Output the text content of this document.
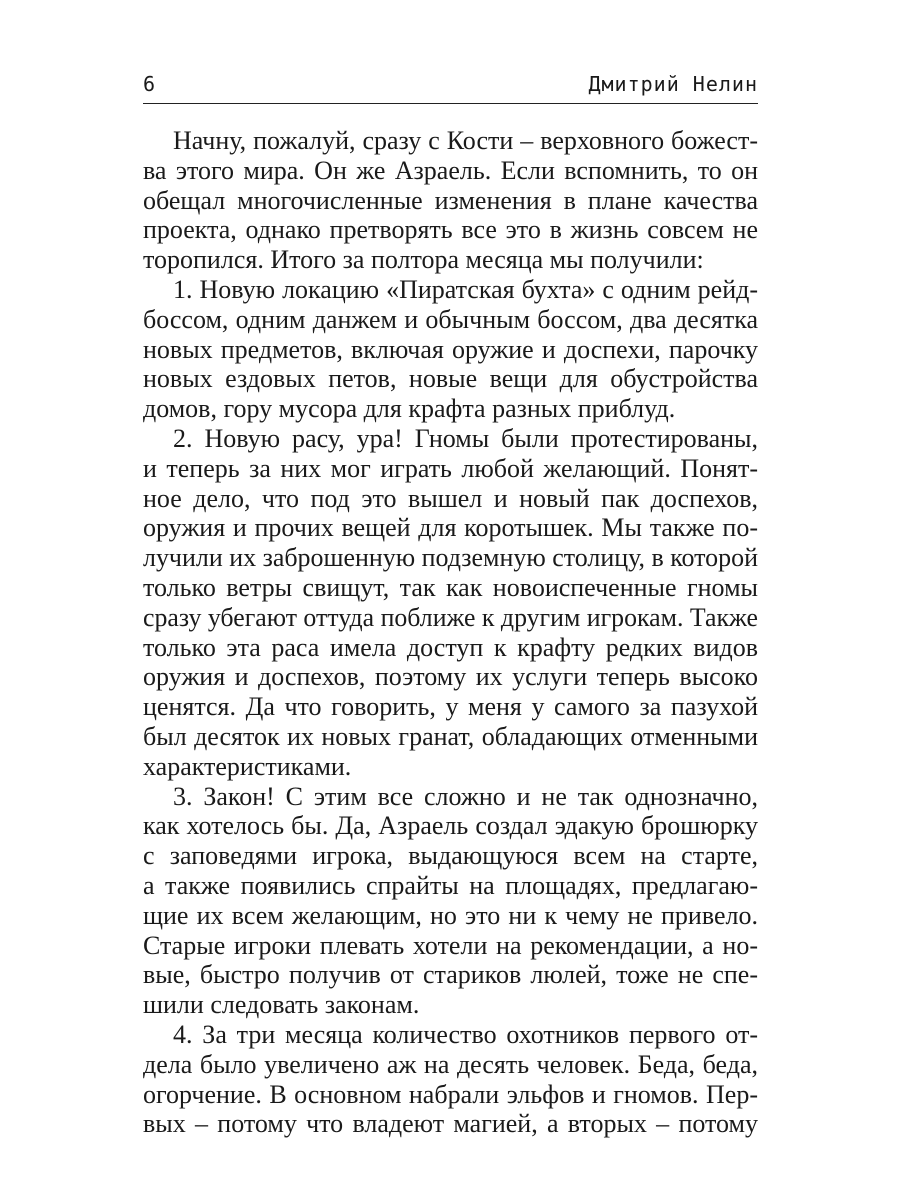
6	Дмитрий Нелин
Начну, пожалуй, сразу с Кости – верховного божест-
ва этого мира. Он же Азраель. Если вспомнить, то он
обещал многочисленные изменения в плане качества
проекта, однако претворять все это в жизнь совсем не
торопился. Итого за полтора месяца мы получили:
1. Новую локацию «Пиратская бухта» с одним рейд-
боссом, одним данжем и обычным боссом, два десятка
новых предметов, включая оружие и доспехи, парочку
новых ездовых петов, новые вещи для обустройства
домов, гору мусора для крафта разных приблуд.
2. Новую расу, ура! Гномы были протестированы,
и теперь за них мог играть любой желающий. Понят-
ное дело, что под это вышел и новый пак доспехов,
оружия и прочих вещей для коротышек. Мы также по-
лучили их заброшенную подземную столицу, в которой
только ветры свищут, так как новоиспеченные гномы
сразу убегают оттуда поближе к другим игрокам. Также
только эта раса имела доступ к крафту редких видов
оружия и доспехов, поэтому их услуги теперь высоко
ценятся. Да что говорить, у меня у самого за пазухой
был десяток их новых гранат, обладающих отменными
характеристиками.
3. Закон! С этим все сложно и не так однозначно,
как хотелось бы. Да, Азраель создал эдакую брошюрку
с заповедями игрока, выдающуюся всем на старте,
а также появились спрайты на площадях, предлагаю-
щие их всем желающим, но это ни к чему не привело.
Старые игроки плевать хотели на рекомендации, а но-
вые, быстро получив от стариков люлей, тоже не спе-
шили следовать законам.
4. За три месяца количество охотников первого от-
дела было увеличено аж на десять человек. Беда, беда,
огорчение. В основном набрали эльфов и гномов. Пер-
вых – потому что владеют магией, а вторых – потому
